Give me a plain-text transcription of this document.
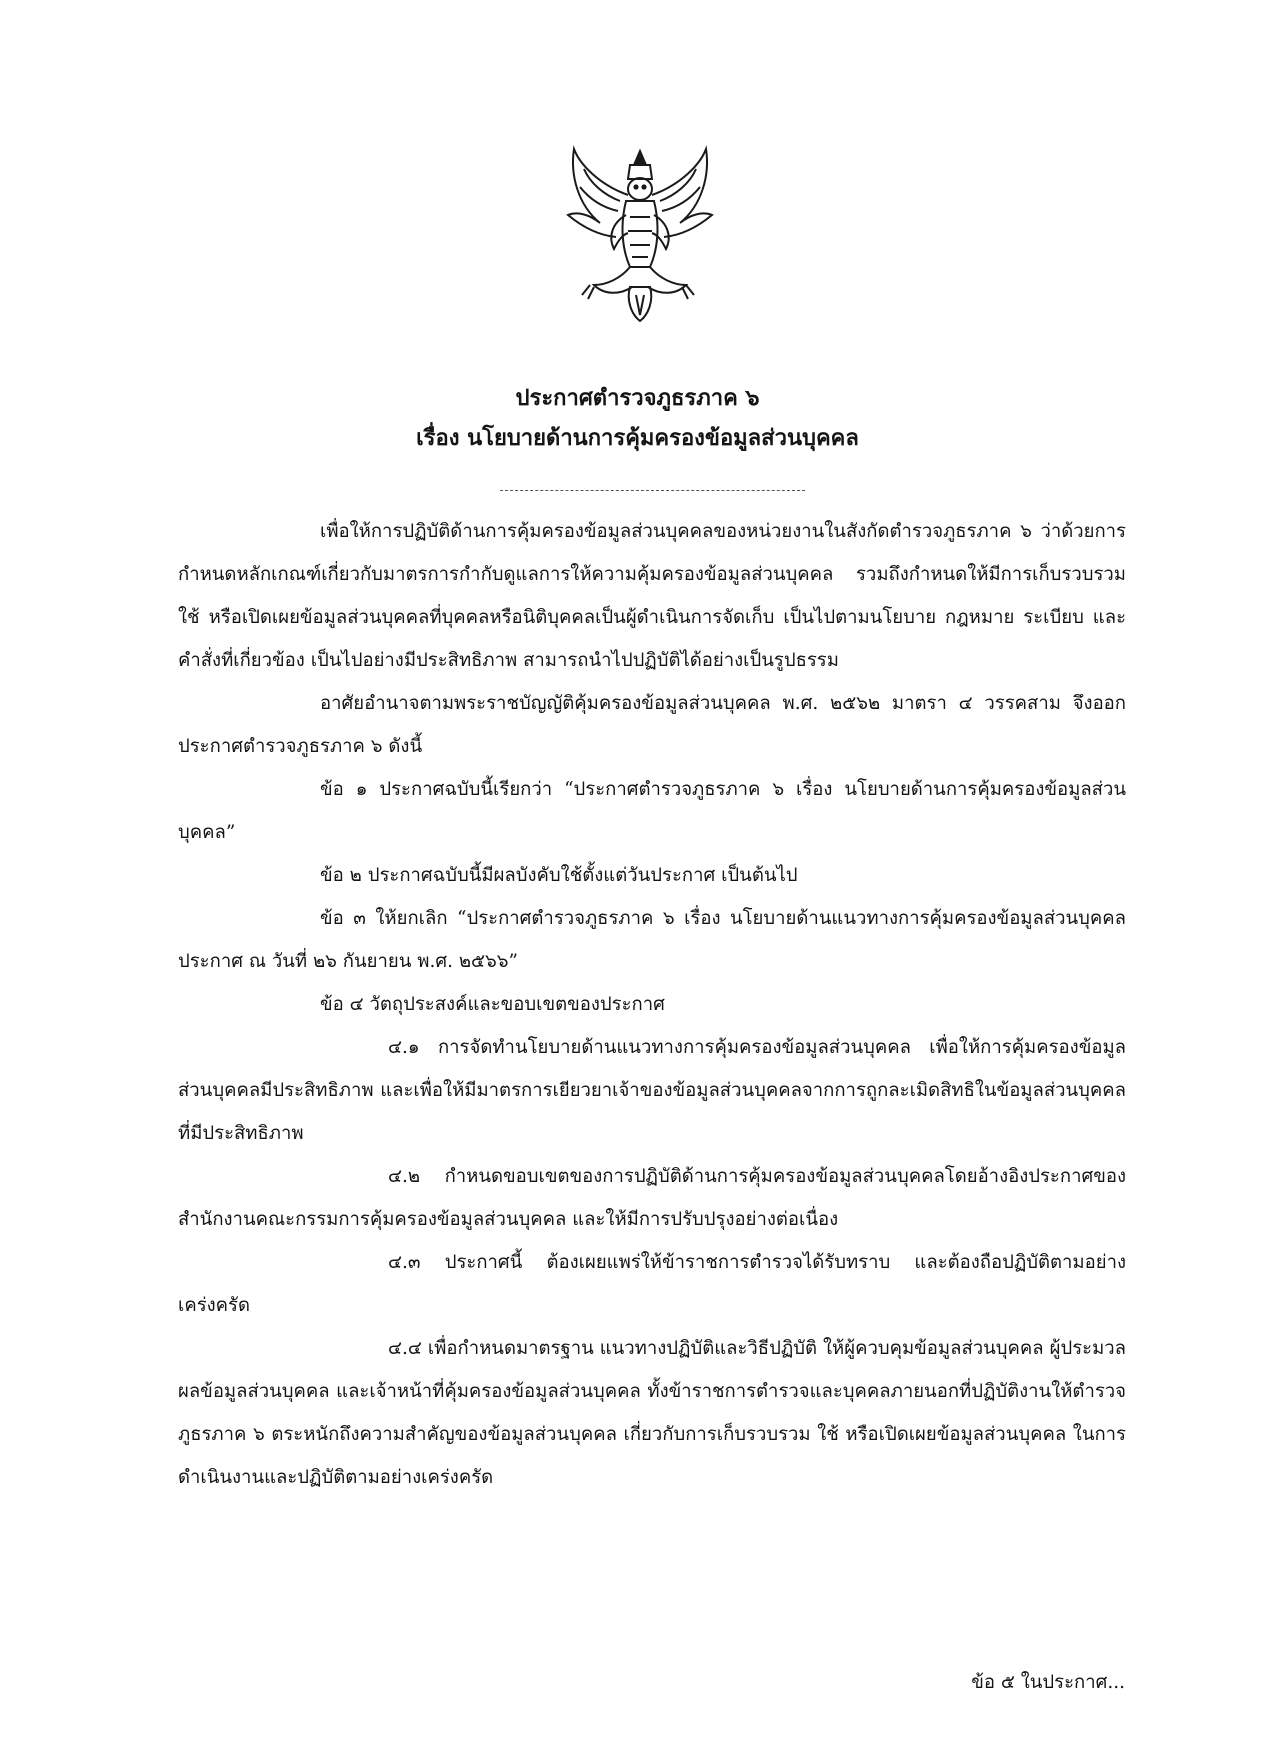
ประกาศตำรวจภูธรภาค ๖
เรื่อง นโยบายด้านการคุ้มครองข้อมูลส่วนบุคคล

เพื่อให้การปฏิบัติด้านการคุ้มครองข้อมูลส่วนบุคคลของหน่วยงานในสังกัดตำรวจภูธรภาค ๖ ว่าด้วยการกำหนดหลักเกณฑ์เกี่ยวกับมาตรการกำกับดูแลการให้ความคุ้มครองข้อมูลส่วนบุคคล รวมถึงกำหนดให้มีการเก็บรวบรวม ใช้ หรือเปิดเผยข้อมูลส่วนบุคคลที่บุคคลหรือนิติบุคคลเป็นผู้ดำเนินการจัดเก็บ เป็นไปตามนโยบาย กฎหมาย ระเบียบ และคำสั่งที่เกี่ยวข้อง เป็นไปอย่างมีประสิทธิภาพ สามารถนำไปปฏิบัติได้อย่างเป็นรูปธรรม

อาศัยอำนาจตามพระราชบัญญัติคุ้มครองข้อมูลส่วนบุคคล พ.ศ. ๒๕๖๒ มาตรา ๔ วรรคสาม จึงออกประกาศตำรวจภูธรภาค ๖ ดังนี้

ข้อ ๑ ประกาศฉบับนี้เรียกว่า “ประกาศตำรวจภูธรภาค ๖ เรื่อง นโยบายด้านการคุ้มครองข้อมูลส่วนบุคคล”

ข้อ ๒ ประกาศฉบับนี้มีผลบังคับใช้ตั้งแต่วันประกาศ เป็นต้นไป

ข้อ ๓ ให้ยกเลิก “ประกาศตำรวจภูธรภาค ๖ เรื่อง นโยบายด้านแนวทางการคุ้มครองข้อมูลส่วนบุคคล ประกาศ ณ วันที่ ๒๖ กันยายน พ.ศ. ๒๕๖๖”

ข้อ ๔ วัตถุประสงค์และขอบเขตของประกาศ

๔.๑ การจัดทำนโยบายด้านแนวทางการคุ้มครองข้อมูลส่วนบุคคล เพื่อให้การคุ้มครองข้อมูลส่วนบุคคลมีประสิทธิภาพ และเพื่อให้มีมาตรการเยียวยาเจ้าของข้อมูลส่วนบุคคลจากการถูกละเมิดสิทธิในข้อมูลส่วนบุคคลที่มีประสิทธิภาพ

๔.๒ กำหนดขอบเขตของการปฏิบัติด้านการคุ้มครองข้อมูลส่วนบุคคลโดยอ้างอิงประกาศของสำนักงานคณะกรรมการคุ้มครองข้อมูลส่วนบุคคล และให้มีการปรับปรุงอย่างต่อเนื่อง

๔.๓ ประกาศนี้ ต้องเผยแพร่ให้ข้าราชการตำรวจได้รับทราบ และต้องถือปฏิบัติตามอย่างเคร่งครัด

๔.๔ เพื่อกำหนดมาตรฐาน แนวทางปฏิบัติและวิธีปฏิบัติ ให้ผู้ควบคุมข้อมูลส่วนบุคคล ผู้ประมวลผลข้อมูลส่วนบุคคล และเจ้าหน้าที่คุ้มครองข้อมูลส่วนบุคคล ทั้งข้าราชการตำรวจและบุคคลภายนอกที่ปฏิบัติงานให้ตำรวจภูธรภาค ๖ ตระหนักถึงความสำคัญของข้อมูลส่วนบุคคล เกี่ยวกับการเก็บรวบรวม ใช้ หรือเปิดเผยข้อมูลส่วนบุคคล ในการดำเนินงานและปฏิบัติตามอย่างเคร่งครัด

ข้อ ๕ ในประกาศ...
